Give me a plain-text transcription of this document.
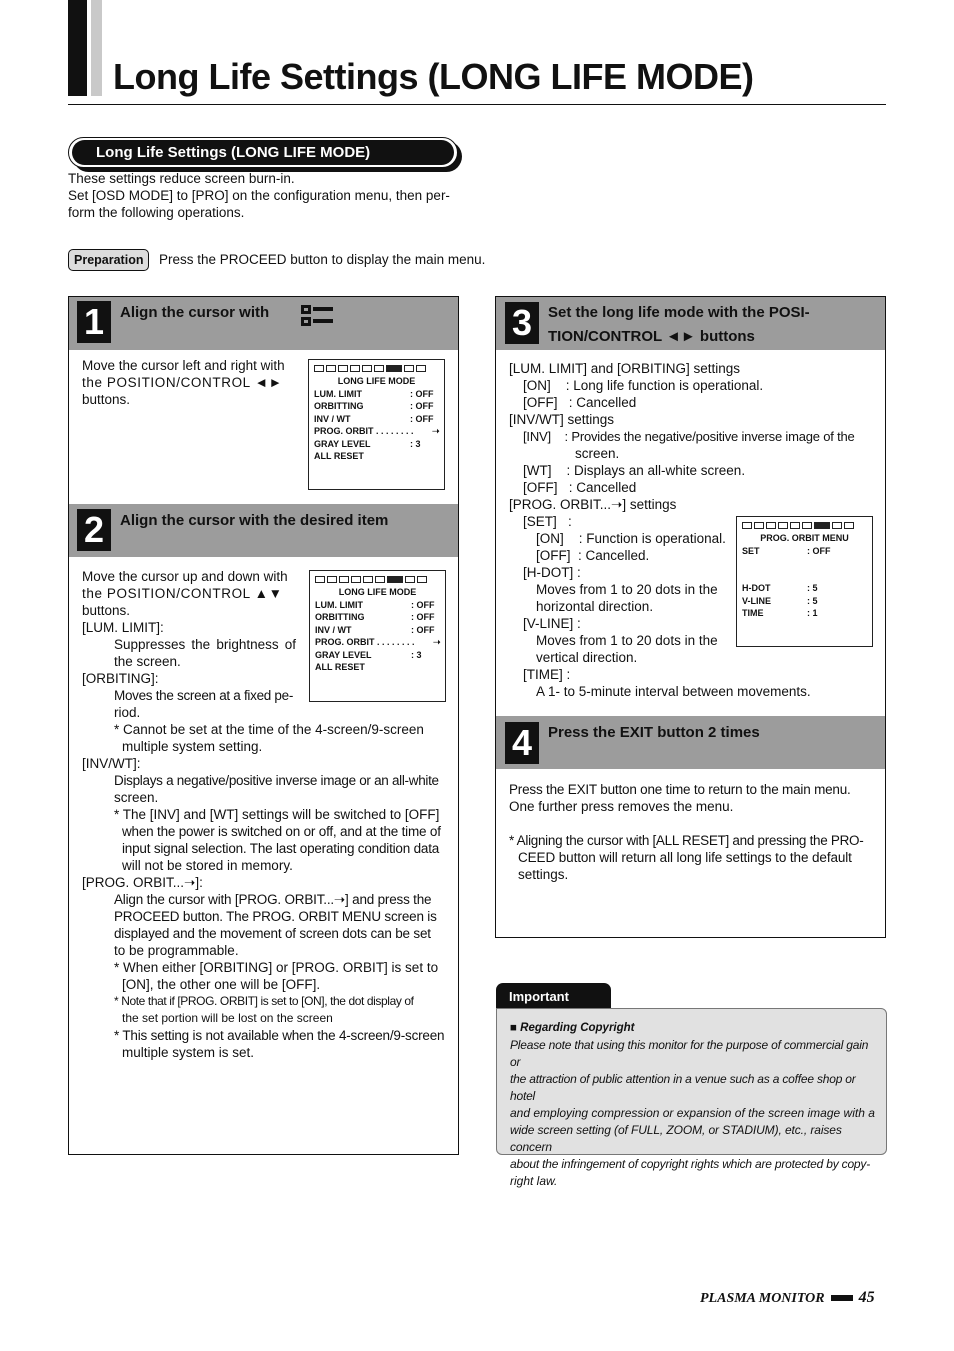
Long Life Settings (LONG LIFE MODE)
Long Life Settings (LONG LIFE MODE)
These settings reduce screen burn-in.
Set [OSD MODE] to [PRO] on the configuration menu, then per-
form the following operations.
Preparation	Press the PROCEED button to display the main menu.
1	Align the cursor with
Move the cursor left and right with
the POSITION/CONTROL ◄►
buttons.
LONG LIFE MODE
LUM. LIMIT	: OFF
ORBITTING	: OFF
INV / WT	: OFF
PROG. ORBIT . . . . . . . .	➝
GRAY LEVEL	: 3
ALL RESET
2	Align the cursor with the desired item
LONG LIFE MODE
LUM. LIMIT	: OFF
ORBITTING	: OFF
INV / WT	: OFF
PROG. ORBIT . . . . . . . .	➝
GRAY LEVEL	: 3
ALL RESET
Move the cursor up and down with
the POSITION/CONTROL ▲▼
buttons.
[LUM. LIMIT]:
Suppresses the brightness of
the screen.
[ORBITING]:
Moves the screen at a fixed pe-
riod.
* Cannot be set at the time of the 4-screen/9-screen
multiple system setting.
[INV/WT]:
Displays a negative/positive inverse image or an all-white
screen.
* The [INV] and [WT] settings will be switched to [OFF]
when the power is switched on or off, and at the time of
input signal selection. The last operating condition data
will not be stored in memory.
[PROG. ORBIT...➝]:
Align the cursor with [PROG. ORBIT...➝] and press the
PROCEED button. The PROG. ORBIT MENU screen is
displayed and the movement of screen dots can be set
to be programmable.
* When either [ORBITING] or [PROG. ORBIT] is set to
[ON], the other one will be [OFF].
* Note that if [PROG. ORBIT] is set to [ON], the dot display of
the set portion will be lost on the screen
* This setting is not available when the 4-screen/9-screen
multiple system is set.
3	Set the long life mode with the POSI-
TION/CONTROL ◄► buttons
[LUM. LIMIT] and [ORBITING] settings
[ON]    : Long life function is operational.
[OFF]   : Cancelled
[INV/WT] settings
[INV]    : Provides the negative/positive inverse image of the
screen.
[WT]    : Displays an all-white screen.
[OFF]   : Cancelled
[PROG. ORBIT...➝] settings
[SET]   :
[ON]    : Function is operational.
[OFF]  : Cancelled.
[H-DOT] :
Moves from 1 to 20 dots in the
horizontal direction.
[V-LINE] :
Moves from 1 to 20 dots in the
vertical direction.
[TIME] :
A 1- to 5-minute interval between movements.
PROG. ORBIT MENU
SET	: OFF
H-DOT	: 5
V-LINE	: 5
TIME	: 1
4	Press the EXIT button 2 times
Press the EXIT button one time to return to the main menu.
One further press removes the menu.
* Aligning the cursor with [ALL RESET] and pressing the PRO-
CEED button will return all long life settings to the default
settings.
Important
■ Regarding Copyright
Please note that using this monitor for the purpose of commercial gain or
the attraction of public attention in a venue such as a coffee shop or hotel
and employing compression or expansion of the screen image with a
wide screen setting (of FULL, ZOOM, or STADIUM), etc., raises concern
about the infringement of copyright rights which are protected by copy-
right law.
PLASMA MONITOR 45
